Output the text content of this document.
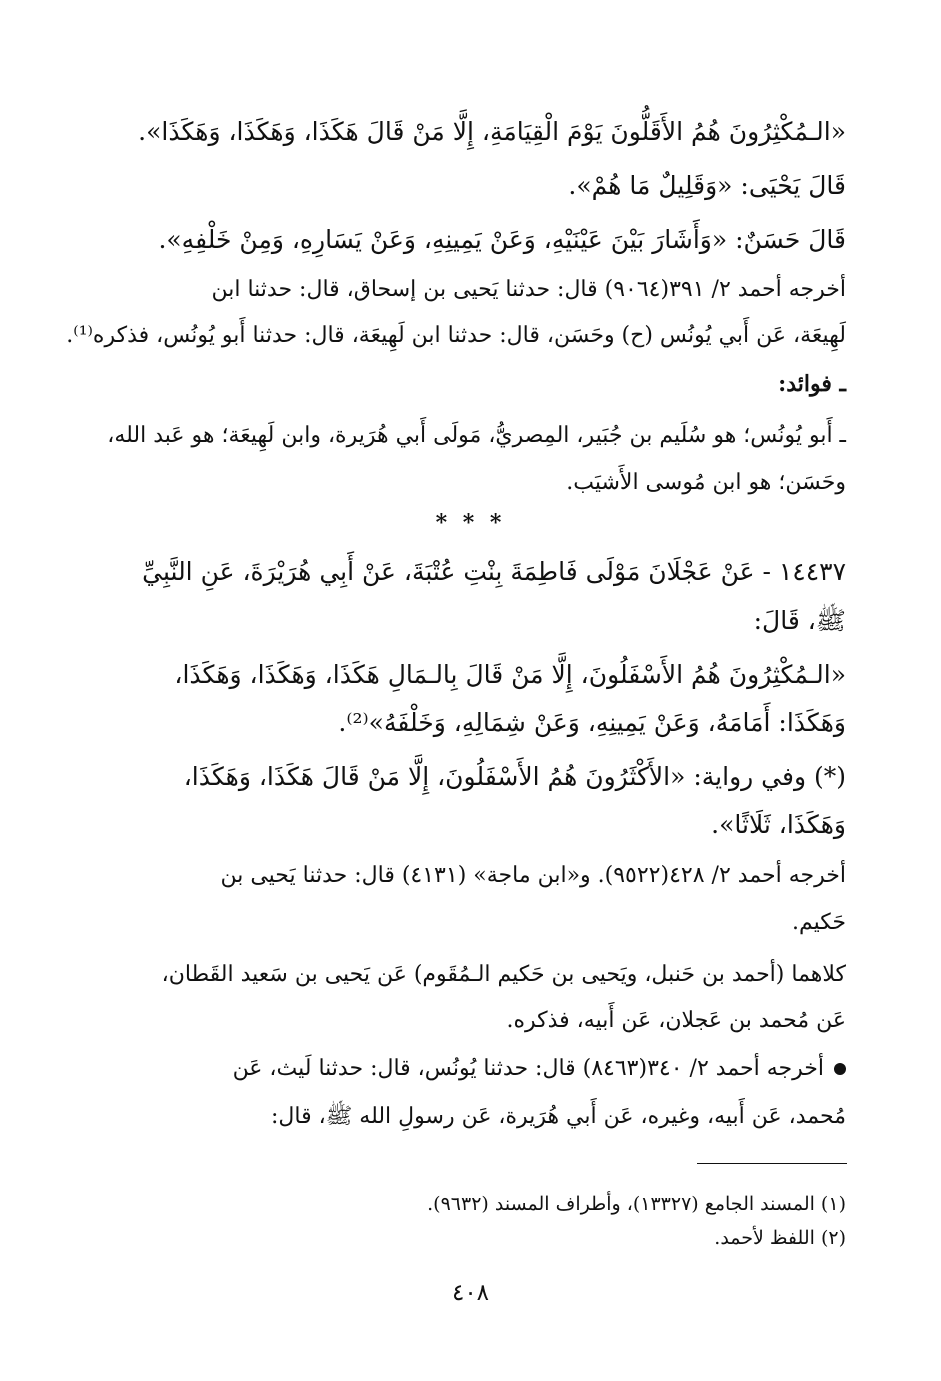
«الـمُكْثِرُونَ هُمُ الأَقَلُّونَ يَوْمَ الْقِيَامَةِ، إِلَّا مَنْ قَالَ هَكَذَا، وَهَكَذَا، وَهَكَذَا».
قَالَ يَحْيَى: «وَقَلِيلٌ مَا هُمْ».
قَالَ حَسَنٌ: «وَأَشَارَ بَيْنَ عَيْنَيْهِ، وَعَنْ يَمِينِهِ، وَعَنْ يَسَارِهِ، وَمِنْ خَلْفِهِ».
أخرجه أحمد ٢/ ٣٩١(٩٠٦٤) قال: حدثنا يَحيى بن إسحاق، قال: حدثنا ابن
لَهِيعَة، عَن أَبي يُونُس (ح) وحَسَن، قال: حدثنا ابن لَهِيعَة، قال: حدثنا أَبو يُونُس، فذكره⁽¹⁾.
ـ فوائد:
ـ أَبو يُونُس؛ هو سُلَيم بن جُبَير، المِصريُّ، مَولَى أَبي هُرَيرة، وابن لَهِيعَة؛ هو عَبد الله،
وحَسَن؛ هو ابن مُوسى الأَشيَب.
* * *
١٤٤٣٧ - عَنْ عَجْلَانَ مَوْلَى فَاطِمَةَ بِنْتِ عُتْبَةَ، عَنْ أَبِي هُرَيْرَةَ، عَنِ النَّبِيِّ
ﷺ، قَالَ:
«الـمُكْثِرُونَ هُمُ الأَسْفَلُونَ، إِلَّا مَنْ قَالَ بِالـمَالِ هَكَذَا، وَهَكَذَا، وَهَكَذَا،
وَهَكَذَا: أَمَامَهُ، وَعَنْ يَمِينِهِ، وَعَنْ شِمَالِهِ، وَخَلْفَهُ»⁽²⁾.
(*) وفي رواية: «الأَكْثَرُونَ هُمُ الأَسْفَلُونَ، إِلَّا مَنْ قَالَ هَكَذَا، وَهَكَذَا،
وَهَكَذَا، ثَلَاثًا».
أخرجه أحمد ٢/ ٤٢٨(٩٥٢٢). و«ابن ماجة» (٤١٣١) قال: حدثنا يَحيى بن
حَكيم.
كلاهما (أحمد بن حَنبل، ويَحيى بن حَكيم الـمُقَوم) عَن يَحيى بن سَعيد القَطان،
عَن مُحمد بن عَجلان، عَن أَبيه، فذكره.
أخرجه أحمد ٢/ ٣٤٠(٨٤٦٣) قال: حدثنا يُونُس، قال: حدثنا لَيث، عَن
مُحمد، عَن أَبيه، وغيره، عَن أَبي هُرَيرة، عَن رسولِ الله ﷺ، قال:
(١) المسند الجامع (١٣٣٢٧)، وأطراف المسند (٩٦٣٢).
(٢) اللفظ لأحمد.
٤٠٨
